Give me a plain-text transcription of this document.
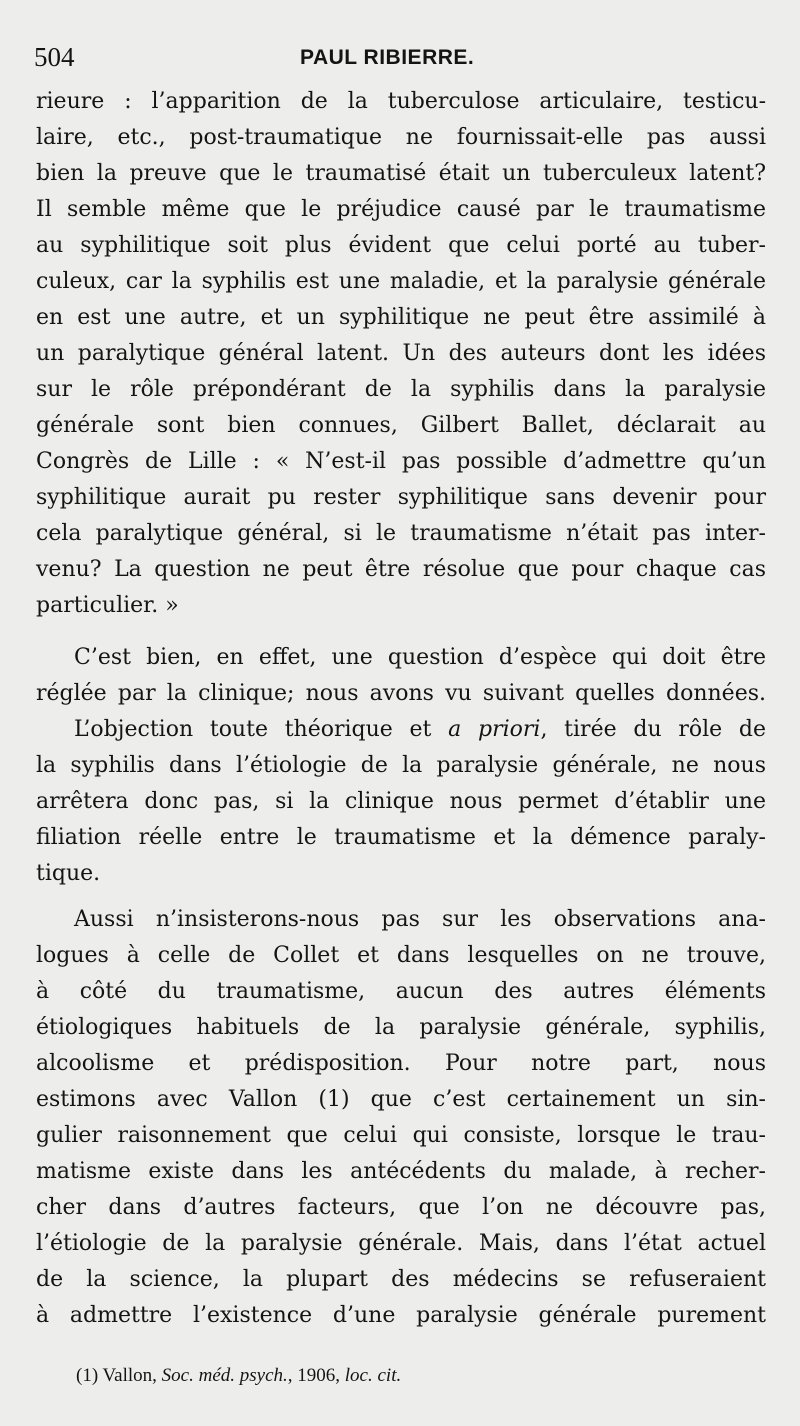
504	PAUL RIBIERRE.
rieure : l’apparition de la tuberculose articulaire, testicu-
laire, etc., post-traumatique ne fournissait-elle pas aussi
bien la preuve que le traumatisé était un tuberculeux latent?
Il semble même que le préjudice causé par le traumatisme
au syphilitique soit plus évident que celui porté au tuber-
culeux, car la syphilis est une maladie, et la paralysie générale
en est une autre, et un syphilitique ne peut être assimilé à
un paralytique général latent. Un des auteurs dont les idées
sur le rôle prépondérant de la syphilis dans la paralysie
générale sont bien connues, Gilbert Ballet, déclarait au
Congrès de Lille : « N’est-il pas possible d’admettre qu’un
syphilitique aurait pu rester syphilitique sans devenir pour
cela paralytique général, si le traumatisme n’était pas inter-
venu? La question ne peut être résolue que pour chaque cas
particulier. »
C’est bien, en effet, une question d’espèce qui doit être
réglée par la clinique; nous avons vu suivant quelles données.
L’objection toute théorique et a priori, tirée du rôle de
la syphilis dans l’étiologie de la paralysie générale, ne nous
arrêtera donc pas, si la clinique nous permet d’établir une
filiation réelle entre le traumatisme et la démence paraly-
tique.
Aussi n’insisterons-nous pas sur les observations ana-
logues à celle de Collet et dans lesquelles on ne trouve,
à côté du traumatisme, aucun des autres éléments
étiologiques habituels de la paralysie générale, syphilis,
alcoolisme et prédisposition. Pour notre part, nous
estimons avec Vallon (1) que c’est certainement un sin-
gulier raisonnement que celui qui consiste, lorsque le trau-
matisme existe dans les antécédents du malade, à recher-
cher dans d’autres facteurs, que l’on ne découvre pas,
l’étiologie de la paralysie générale. Mais, dans l’état actuel
de la science, la plupart des médecins se refuseraient
à admettre l’existence d’une paralysie générale purement
(1) Vallon, Soc. méd. psych., 1906, loc. cit.
